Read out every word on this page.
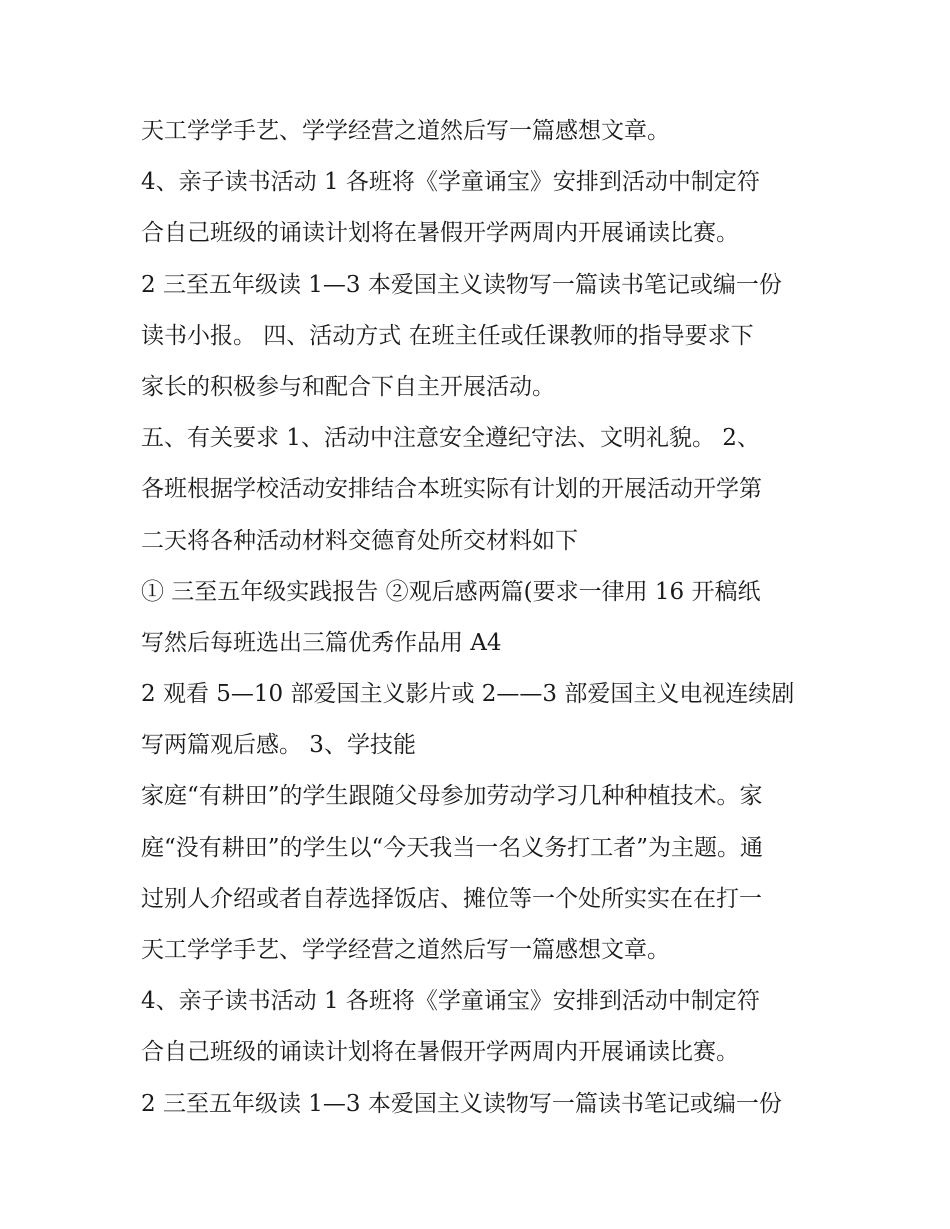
天工学学手艺、学学经营之道然后写一篇感想文章。
4、亲子读书活动 1 各班将《学童诵宝》安排到活动中制定符
合自己班级的诵读计划将在暑假开学两周内开展诵读比赛。
2 三至五年级读 1—3 本爱国主义读物写一篇读书笔记或编一份
读书小报。 四、活动方式 在班主任或任课教师的指导要求下
家长的积极参与和配合下自主开展活动。
五、有关要求 1、活动中注意安全遵纪守法、文明礼貌。 2、
各班根据学校活动安排结合本班实际有计划的开展活动开学第
二天将各种活动材料交德育处所交材料如下
① 三至五年级实践报告 ②观后感两篇(要求一律用 16 开稿纸
写然后每班选出三篇优秀作品用 A4
2 观看 5—10 部爱国主义影片或 2——3 部爱国主义电视连续剧
写两篇观后感。 3、学技能
家庭“有耕田”的学生跟随父母参加劳动学习几种种植技术。家
庭“没有耕田”的学生以“今天我当一名义务打工者”为主题。通
过别人介绍或者自荐选择饭店、摊位等一个处所实实在在打一
天工学学手艺、学学经营之道然后写一篇感想文章。
4、亲子读书活动 1 各班将《学童诵宝》安排到活动中制定符
合自己班级的诵读计划将在暑假开学两周内开展诵读比赛。
2 三至五年级读 1—3 本爱国主义读物写一篇读书笔记或编一份
